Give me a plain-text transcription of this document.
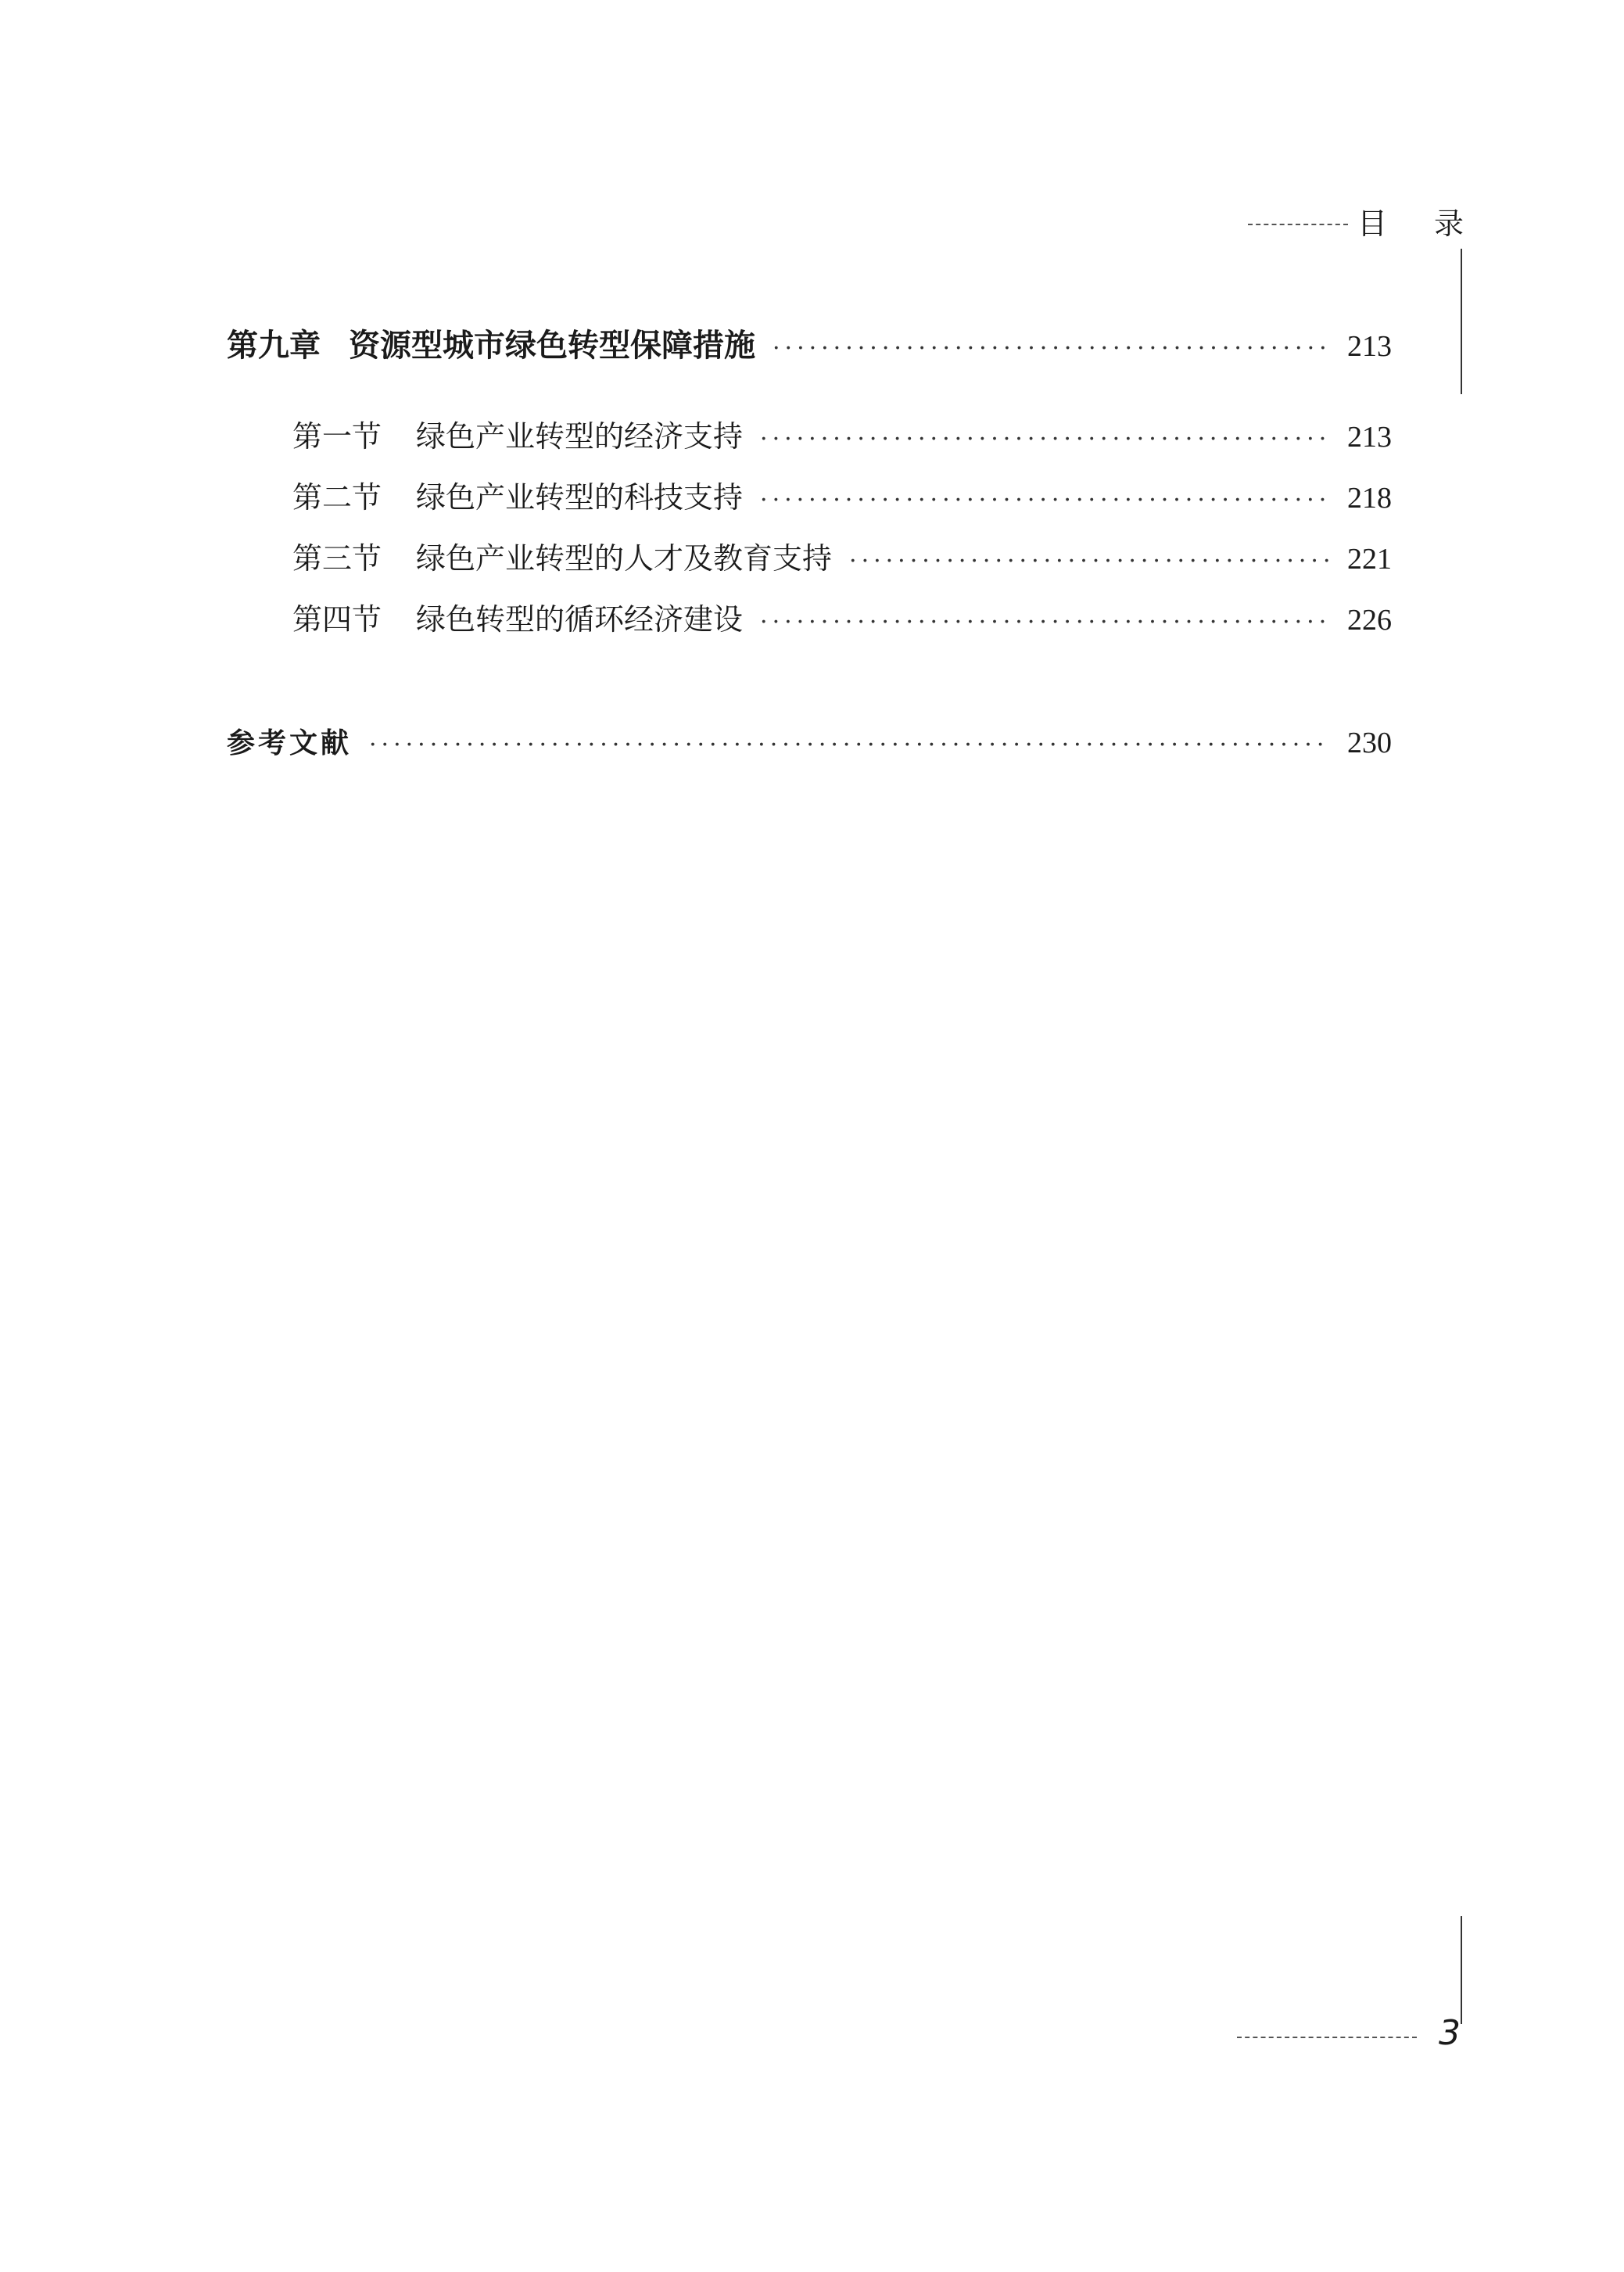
目录
第九章 资源型城市绿色转型保障措施 ·····	213
第一节 绿色产业转型的经济支持 ·····	213
第二节 绿色产业转型的科技支持 ·····	218
第三节 绿色产业转型的人才及教育支持 ·····	221
第四节 绿色转型的循环经济建设 ·····	226
参考文献 ·····	230
3
